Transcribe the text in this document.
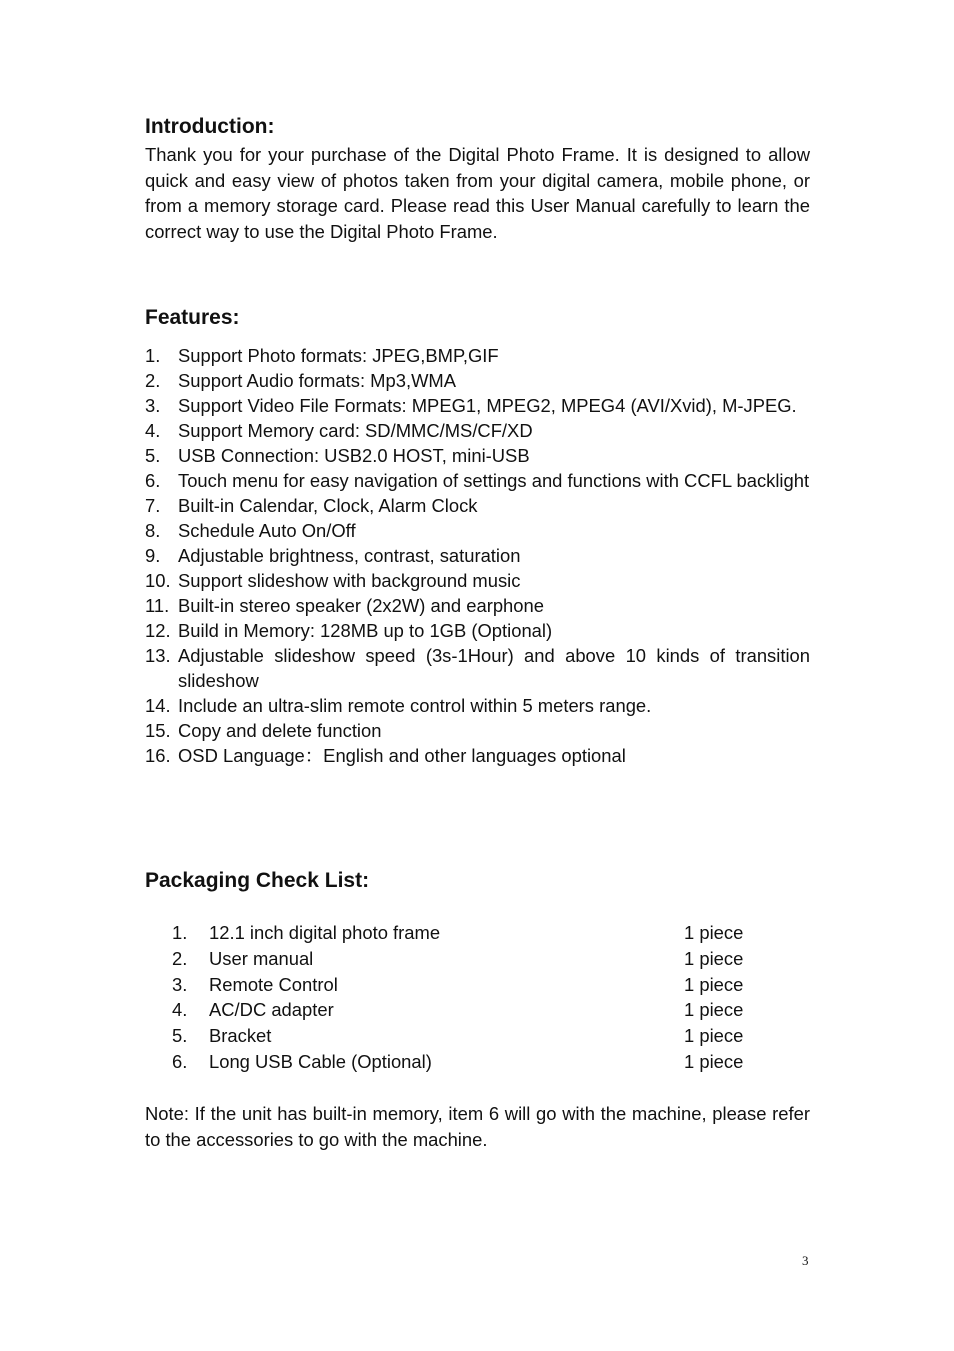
Introduction:

Thank you for your purchase of the Digital Photo Frame. It is designed to allow quick and easy view of photos taken from your digital camera, mobile phone, or from a memory storage card. Please read this User Manual carefully to learn the correct way to use the Digital Photo Frame.

Features:
1. Support Photo formats: JPEG,BMP,GIF
2. Support Audio formats: Mp3,WMA
3. Support Video File Formats: MPEG1, MPEG2, MPEG4 (AVI/Xvid), M-JPEG.
4. Support Memory card: SD/MMC/MS/CF/XD
5. USB Connection: USB2.0 HOST, mini-USB
6. Touch menu for easy navigation of settings and functions with CCFL backlight
7. Built-in Calendar, Clock, Alarm Clock
8. Schedule Auto On/Off
9. Adjustable brightness, contrast, saturation
10. Support slideshow with background music
11. Built-in stereo speaker (2x2W) and earphone
12. Build in Memory: 128MB up to 1GB (Optional)
13. Adjustable slideshow speed (3s-1Hour) and above 10 kinds of transition slideshow
14. Include an ultra-slim remote control within 5 meters range.
15. Copy and delete function
16. OSD Language：English and other languages optional
Packaging Check List:
1.	12.1 inch digital photo frame	1 piece
2.	User manual	1 piece
3.	Remote Control	1 piece
4.	AC/DC adapter	1 piece
5.	Bracket	1 piece
6.	Long USB Cable (Optional)	1 piece

Note: If the unit has built-in memory, item 6 will go with the machine, please refer to the accessories to go with the machine.

3
